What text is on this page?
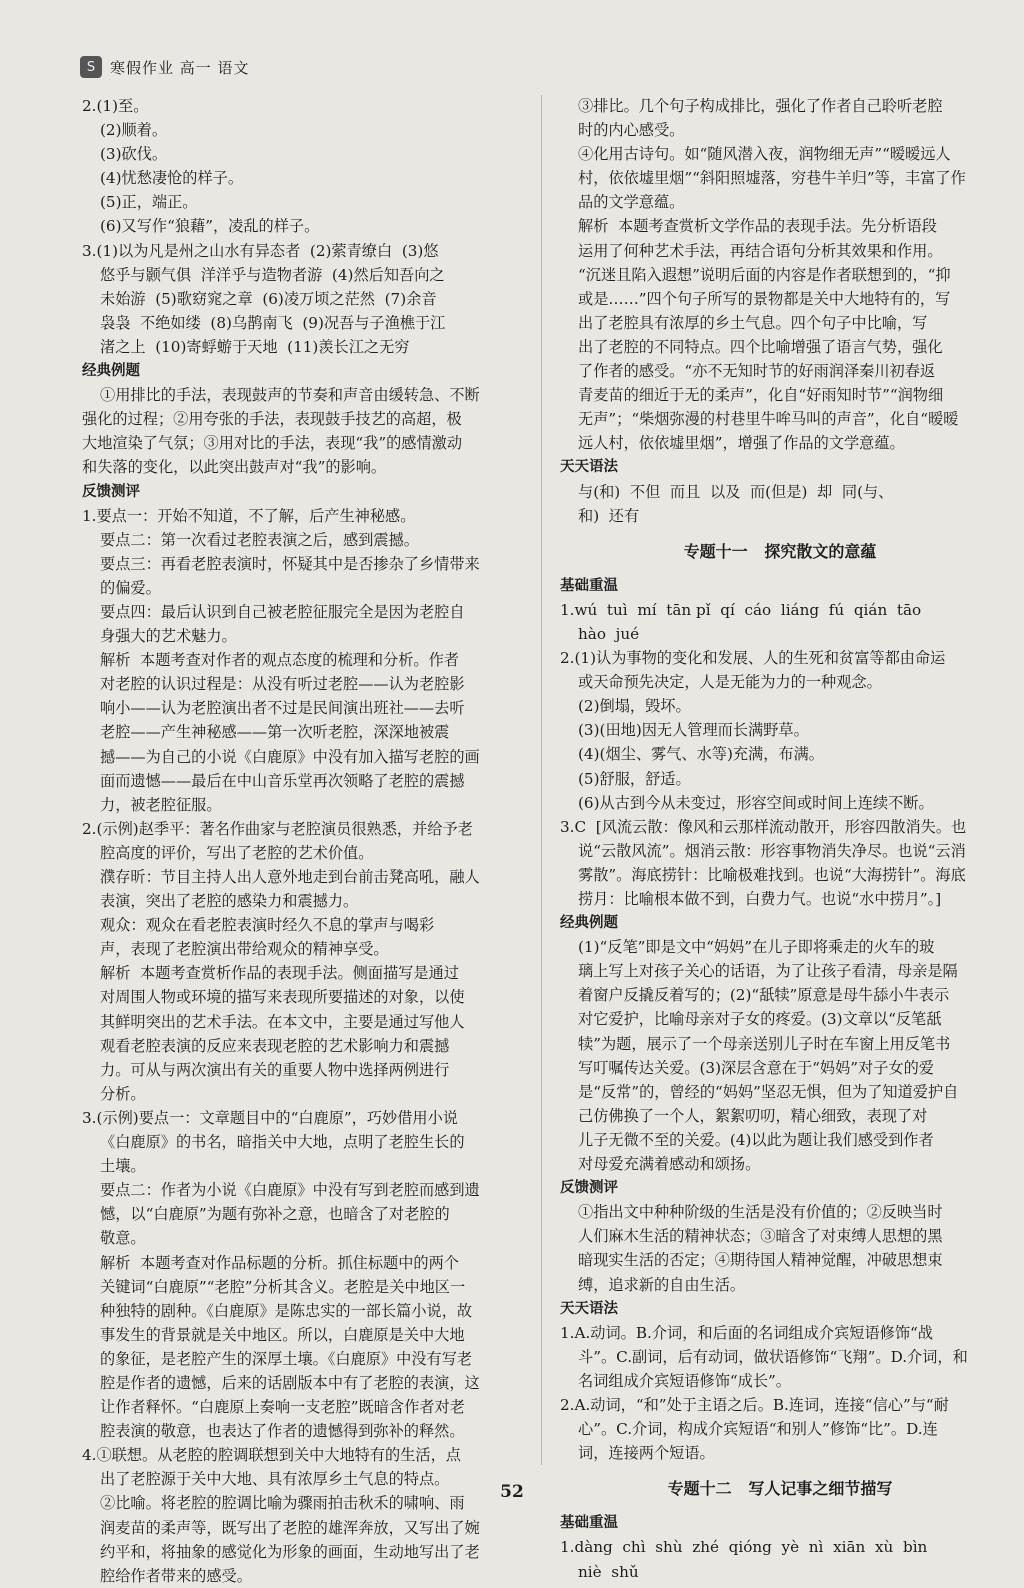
S 寒假作业 高一 语文
2.(1)至。
(2)顺着。
(3)砍伐。
(4)忧愁凄怆的样子。
(5)正，端正。
(6)又写作“狼藉”，凌乱的样子。
3.(1)以为凡是州之山水有异态者  (2)萦青缭白  (3)悠
悠乎与颢气俱  洋洋乎与造物者游  (4)然后知吾向之
未始游  (5)歌窈窕之章  (6)凌万顷之茫然  (7)余音
袅袅  不绝如缕  (8)乌鹊南飞  (9)况吾与子渔樵于江
渚之上  (10)寄蜉蝣于天地  (11)羡长江之无穷
经典例题
①用排比的手法，表现鼓声的节奏和声音由缓转急、不断
强化的过程；②用夸张的手法，表现鼓手技艺的高超，极
大地渲染了气氛；③用对比的手法，表现“我”的感情激动
和失落的变化，以此突出鼓声对“我”的影响。
反馈测评
1.要点一：开始不知道，不了解，后产生神秘感。
要点二：第一次看过老腔表演之后，感到震撼。
要点三：再看老腔表演时，怀疑其中是否掺杂了乡情带来
的偏爱。
要点四：最后认识到自己被老腔征服完全是因为老腔自
身强大的艺术魅力。
解析  本题考查对作者的观点态度的梳理和分析。作者
对老腔的认识过程是：从没有听过老腔——认为老腔影
响小——认为老腔演出者不过是民间演出班社——去听
老腔——产生神秘感——第一次听老腔，深深地被震
撼——为自己的小说《白鹿原》中没有加入描写老腔的画
面而遗憾——最后在中山音乐堂再次领略了老腔的震撼
力，被老腔征服。
2.(示例)赵季平：著名作曲家与老腔演员很熟悉，并给予老
腔高度的评价，写出了老腔的艺术价值。
濮存昕：节目主持人出人意外地走到台前击凳高吼，融人
表演，突出了老腔的感染力和震撼力。
观众：观众在看老腔表演时经久不息的掌声与喝彩
声，表现了老腔演出带给观众的精神享受。
解析  本题考查赏析作品的表现手法。侧面描写是通过
对周围人物或环境的描写来表现所要描述的对象，以使
其鲜明突出的艺术手法。在本文中，主要是通过写他人
观看老腔表演的反应来表现老腔的艺术影响力和震撼
力。可从与两次演出有关的重要人物中选择两例进行
分析。
3.(示例)要点一：文章题目中的“白鹿原”，巧妙借用小说
《白鹿原》的书名，暗指关中大地，点明了老腔生长的
土壤。
要点二：作者为小说《白鹿原》中没有写到老腔而感到遗
憾，以“白鹿原”为题有弥补之意，也暗含了对老腔的
敬意。
解析  本题考查对作品标题的分析。抓住标题中的两个
关键词“白鹿原”“老腔”分析其含义。老腔是关中地区一
种独特的剧种。《白鹿原》是陈忠实的一部长篇小说，故
事发生的背景就是关中地区。所以，白鹿原是关中大地
的象征，是老腔产生的深厚土壤。《白鹿原》中没有写老
腔是作者的遗憾，后来的话剧版本中有了老腔的表演，这
让作者释怀。“白鹿原上奏响一支老腔”既暗含作者对老
腔表演的敬意，也表达了作者的遗憾得到弥补的释然。
4.①联想。从老腔的腔调联想到关中大地特有的生活，点
出了老腔源于关中大地、具有浓厚乡土气息的特点。
②比喻。将老腔的腔调比喻为骤雨拍击秋禾的啸响、雨
润麦苗的柔声等，既写出了老腔的雄浑奔放，又写出了婉
约平和，将抽象的感觉化为形象的画面，生动地写出了老
腔给作者带来的感受。
③排比。几个句子构成排比，强化了作者自己聆听老腔
时的内心感受。
④化用古诗句。如“随风潜入夜，润物细无声”“暧暧远人
村，依依墟里烟”“斜阳照墟落，穷巷牛羊归”等，丰富了作
品的文学意蕴。
解析  本题考查赏析文学作品的表现手法。先分析语段
运用了何种艺术手法，再结合语句分析其效果和作用。
“沉迷且陷入遐想”说明后面的内容是作者联想到的，“抑
或是……”四个句子所写的景物都是关中大地特有的，写
出了老腔具有浓厚的乡土气息。四个句子中比喻，写
出了老腔的不同特点。四个比喻增强了语言气势，强化
了作者的感受。“亦不无知时节的好雨润泽秦川初春返
青麦苗的细近于无的柔声”，化自“好雨知时节”“润物细
无声”；“柴烟弥漫的村巷里牛哞马叫的声音”，化自“暧暧
远人村，依依墟里烟”，增强了作品的文学意蕴。
天天语法
与(和)  不但  而且  以及  而(但是)  却  同(与、
和)  还有
专题十一   探究散文的意蕴
基础重温
1.wú  tuì  mí  tān pǐ  qí  cáo  liáng  fú  qián  tāo
hào  jué
2.(1)认为事物的变化和发展、人的生死和贫富等都由命运
或天命预先决定，人是无能为力的一种观念。
(2)倒塌，毁坏。
(3)(田地)因无人管理而长满野草。
(4)(烟尘、雾气、水等)充满，布满。
(5)舒服，舒适。
(6)从古到今从未变过，形容空间或时间上连续不断。
3.C  [风流云散：像风和云那样流动散开，形容四散消失。也
说“云散风流”。烟消云散：形容事物消失净尽。也说“云消
雾散”。海底捞针：比喻极难找到。也说“大海捞针”。海底
捞月：比喻根本做不到，白费力气。也说“水中捞月”。]
经典例题
(1)“反笔”即是文中“妈妈”在儿子即将乘走的火车的玻
璃上写上对孩子关心的话语，为了让孩子看清，母亲是隔
着窗户反撬反着写的；(2)“舐犊”原意是母牛舔小牛表示
对它爱护，比喻母亲对子女的疼爱。(3)文章以“反笔舐
犊”为题，展示了一个母亲送别儿子时在车窗上用反笔书
写叮嘱传达关爱。(3)深层含意在于“妈妈”对子女的爱
是“反常”的，曾经的“妈妈”坚忍无惧，但为了知道爱护自
己仿佛换了一个人，絮絮叨叨，精心细致，表现了对
儿子无微不至的关爱。(4)以此为题让我们感受到作者
对母爱充满着感动和颂扬。
反馈测评
①指出文中种种阶级的生活是没有价值的；②反映当时
人们麻木生活的精神状态；③暗含了对束缚人思想的黑
暗现实生活的否定；④期待国人精神觉醒，冲破思想束
缚，追求新的自由生活。
天天语法
1.A.动词。B.介词，和后面的名词组成介宾短语修饰“战
斗”。C.副词，后有动词，做状语修饰“飞翔”。D.介词，和
名词组成介宾短语修饰“成长”。
2.A.动词，“和”处于主语之后。B.连词，连接“信心”与“耐
心”。C.介词，构成介宾短语“和别人”修饰“比”。D.连
词，连接两个短语。
专题十二   写人记事之细节描写
基础重温
1.dàng  chì  shù  zhé  qióng  yè  nì  xiān  xù  bìn
niè  shǔ
52
